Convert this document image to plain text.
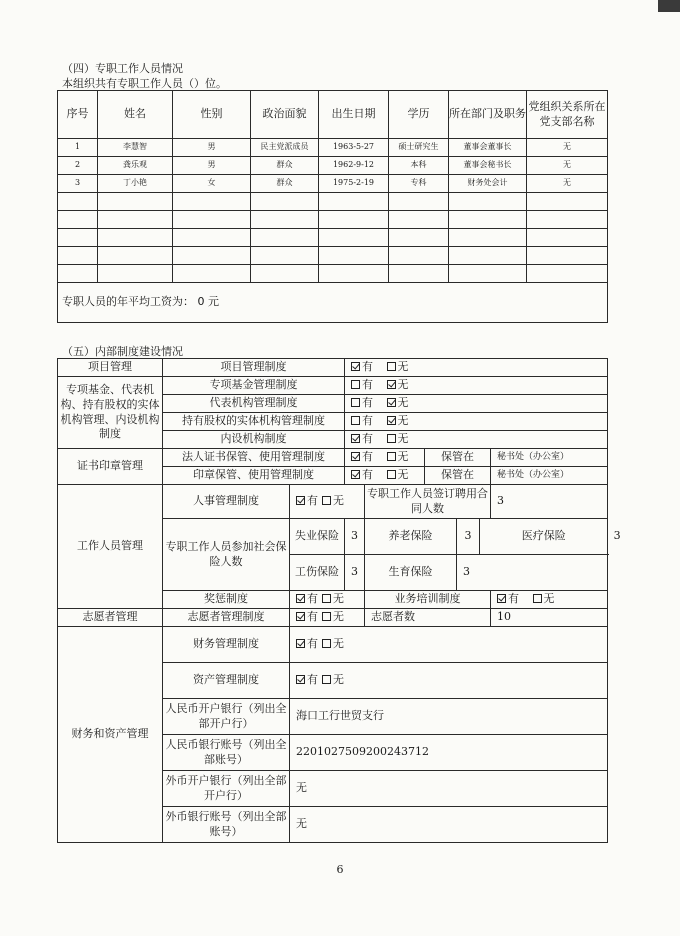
（四）专职工作人员情况
本组织共有专职工作人员（）位。
序号	姓名	性别	政治面貌	出生日期	学历	所在部门及职务	党组织关系所在党支部名称
1	李慧智	男	民主党派成员	1963-5-27	硕士研究生	董事会董事长	无
2	龚乐观	男	群众	1962-9-12	本科	董事会秘书长	无
3	丁小艳	女	群众	1975-2-19	专科	财务处会计	无

专职人员的年平均工资为： 0 元							
（五）内部制度建设情况
项目管理	项目管理制度		有 无						
专项基金、代表机构、持有股权的实体机构管理、内设机构制度	专项基金管理制度		有 无						
	代表机构管理制度		有 无						
	持有股权的实体机构管理制度		有 无						
	内设机构制度		有 无						
证书印章管理	法人证书保管、使用管理制度		有 无		保管在			秘书处（办公室）	
	印章保管、使用管理制度		有 无		保管在			秘书处（办公室）	
工作人员管理	人事管理制度	有 无		专职工作人员签订聘用合同人数				3	
	专职工作人员参加社会保险人数	失业保险	3	养老保险		3	医疗保险		3
		工伤保险	3	生育保险		3			
	奖惩制度	有 无		业务培训制度				有 无	
志愿者管理	志愿者管理制度	有 无		志愿者数				10	
财务和资产管理	财务管理制度	有 无							
	资产管理制度	有 无							
	人民币开户银行（列出全部开户行）	海口工行世贸支行							
	人民币银行账号（列出全部账号）	2201027509200243712							
	外币开户银行（列出全部开户行）	无							
	外币银行账号（列出全部账号）	无							
6
